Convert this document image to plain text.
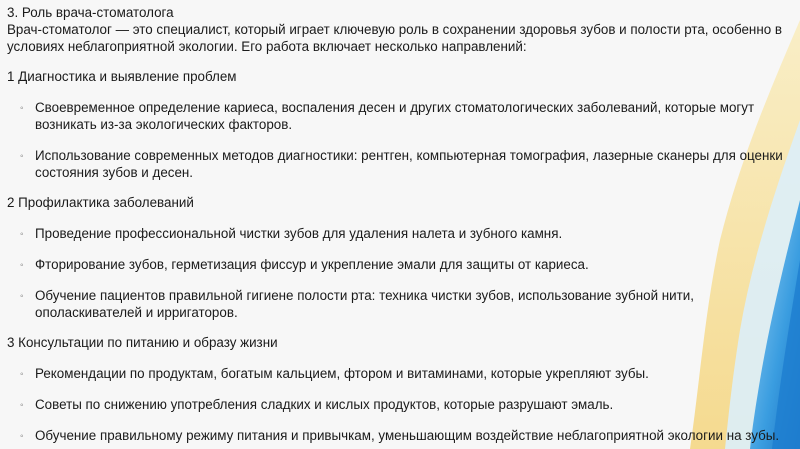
3. Роль врача-стоматолога

Врач-стоматолог — это специалист, который играет ключевую роль в сохранении здоровья зубов и полости рта, особенно в условиях неблагоприятной экологии. Его работа включает несколько направлений:

1 Диагностика и выявление проблем

◦ Своевременное определение кариеса, воспаления десен и других стоматологических заболеваний, которые могут возникать из-за экологических факторов.
◦ Использование современных методов диагностики: рентген, компьютерная томография, лазерные сканеры для оценки состояния зубов и десен.

2 Профилактика заболеваний

◦ Проведение профессиональной чистки зубов для удаления налета и зубного камня.
◦ Фторирование зубов, герметизация фиссур и укрепление эмали для защиты от кариеса.
◦ Обучение пациентов правильной гигиене полости рта: техника чистки зубов, использование зубной нити, ополаскивателей и ирригаторов.

3 Консультации по питанию и образу жизни

◦ Рекомендации по продуктам, богатым кальцием, фтором и витаминами, которые укрепляют зубы.
◦ Советы по снижению употребления сладких и кислых продуктов, которые разрушают эмаль.
◦ Обучение правильному режиму питания и привычкам, уменьшающим воздействие неблагоприятной экологии на зубы.
